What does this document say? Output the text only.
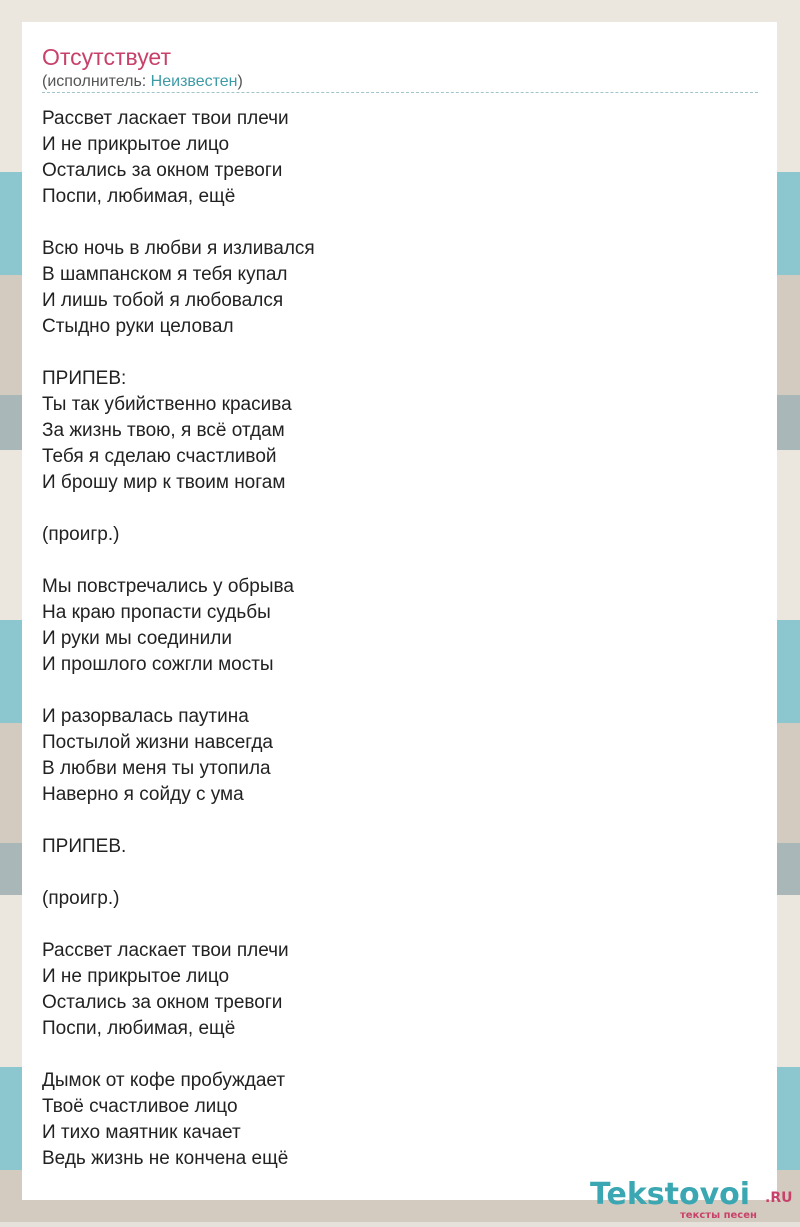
Отсутствует
(исполнитель: Неизвестен)
Рассвет ласкает твои плечи
И не прикрытое лицо
Остались за окном тревоги
Поспи, любимая, ещё
Всю ночь в любви я изливался
В шампанском я тебя купал
И лишь тобой я любовался
Стыдно руки целовал
ПРИПЕВ:
Ты так убийственно красива
За жизнь твою, я всё отдам
Тебя я сделаю счастливой
И брошу мир к твоим ногам
(проигр.)
Мы повстречались у обрыва
На краю пропасти судьбы
И руки мы соединили
И прошлого сожгли мосты
И разорвалась паутина
Постылой жизни навсегда
В любви меня ты утопила
Наверно я сойду с ума
ПРИПЕВ.
(проигр.)
Рассвет ласкает твои плечи
И не прикрытое лицо
Остались за окном тревоги
Поспи, любимая, ещё
Дымок от кофе пробуждает
Твоё счастливое лицо
И тихо маятник качает
Ведь жизнь не кончена ещё
Tekstovoi .RU
тексты песен
